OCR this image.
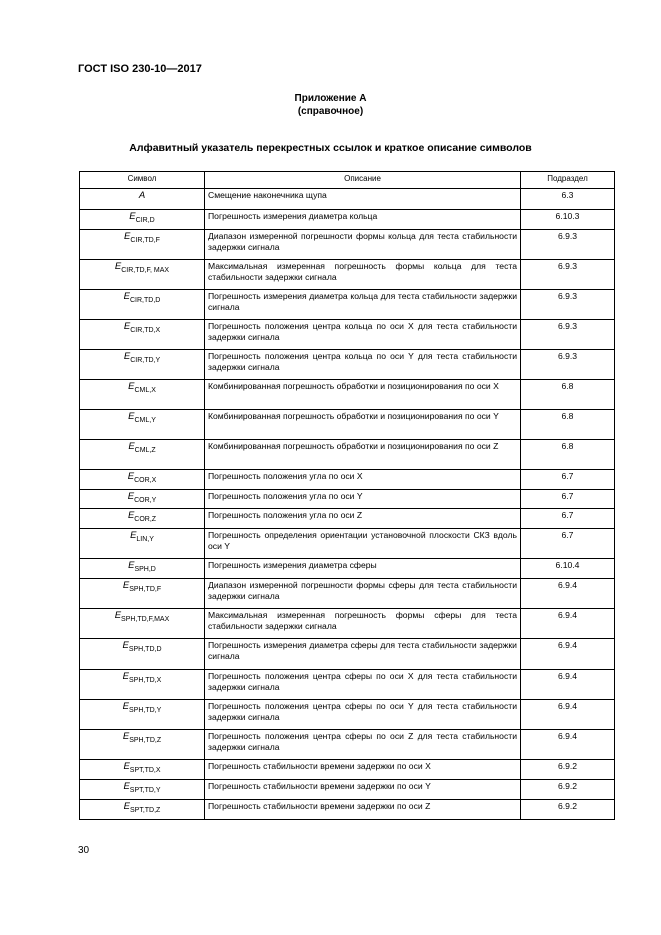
ГОСТ ISO 230-10—2017
Приложение А
(справочное)
Алфавитный указатель перекрестных ссылок и краткое описание символов
Символ	Описание	Подраздел
A	Смещение наконечника щупа	6.3
$E_{CIR,D}$	Погрешность измерения диаметра кольца	6.10.3
$E_{CIR,TD,F}$	Диапазон измеренной погрешности формы кольца для теста стабильности задержки сигнала	6.9.3
$E_{CIR,TD,F, MAX}$	Максимальная измеренная погрешность формы кольца для теста стабильности задержки сигнала	6.9.3
$E_{CIR,TD,D}$	Погрешность измерения диаметра кольца для теста стабильности задержки сигнала	6.9.3
$E_{CIR,TD,X}$	Погрешность положения центра кольца по оси X для теста стабильности задержки сигнала	6.9.3
$E_{CIR,TD,Y}$	Погрешность положения центра кольца по оси Y для теста стабильности задержки сигнала	6.9.3
$E_{CML,X}$	Комбинированная погрешность обработки и позиционирования по оси X	6.8
$E_{CML,Y}$	Комбинированная погрешность обработки и позиционирования по оси Y	6.8
$E_{CML,Z}$	Комбинированная погрешность обработки и позиционирования по оси Z	6.8
$E_{COR,X}$	Погрешность положения угла по оси X	6.7
$E_{COR,Y}$	Погрешность положения угла по оси Y	6.7
$E_{COR,Z}$	Погрешность положения угла по оси Z	6.7
$E_{LIN,Y}$	Погрешность определения ориентации установочной плоскости СКЗ вдоль оси Y	6.7
$E_{SPH,D}$	Погрешность измерения диаметра сферы	6.10.4
$E_{SPH,TD,F}$	Диапазон измеренной погрешности формы сферы для теста стабильности задержки сигнала	6.9.4
$E_{SPH,TD,F,MAX}$	Максимальная измеренная погрешность формы сферы для теста стабильности задержки сигнала	6.9.4
$E_{SPH,TD,D}$	Погрешность измерения диаметра сферы для теста стабильности задержки сигнала	6.9.4
$E_{SPH,TD,X}$	Погрешность положения центра сферы по оси X для теста стабильности задержки сигнала	6.9.4
$E_{SPH,TD,Y}$	Погрешность положения центра сферы по оси Y для теста стабильности задержки сигнала	6.9.4
$E_{SPH,TD,Z}$	Погрешность положения центра сферы по оси Z для теста стабильности задержки сигнала	6.9.4
$E_{SPT,TD,X}$	Погрешность стабильности времени задержки по оси X	6.9.2
$E_{SPT,TD,Y}$	Погрешность стабильности времени задержки по оси Y	6.9.2
$E_{SPT,TD,Z}$	Погрешность стабильности времени задержки по оси Z	6.9.2
30
